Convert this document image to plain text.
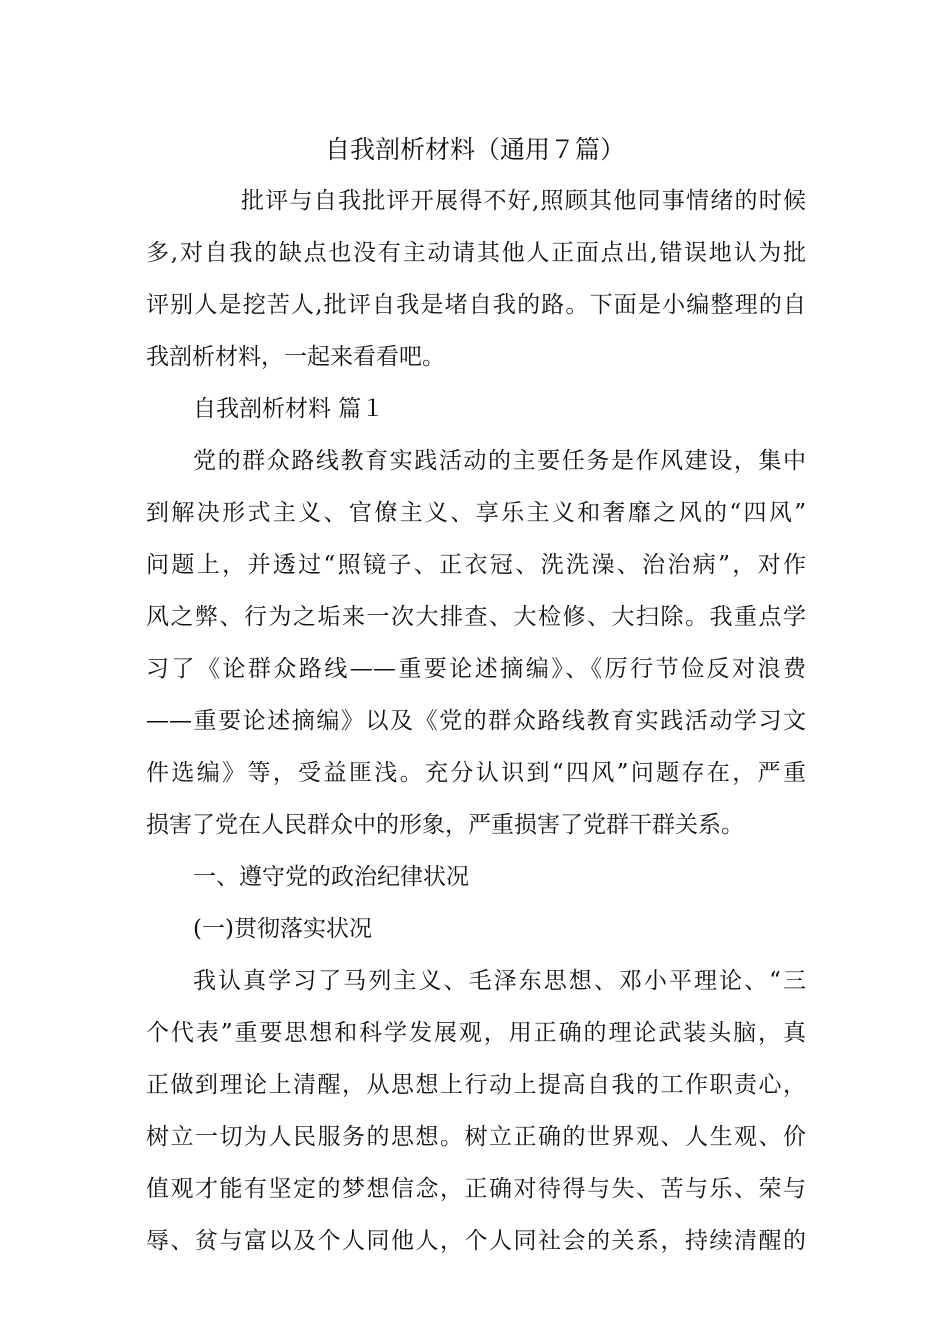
自我剖析材料（通用７篇）
批评与自我批评开展得不好,照顾其他同事情绪的时候
多,对自我的缺点也没有主动请其他人正面点出,错误地认为批
评别人是挖苦人,批评自我是堵自我的路。下面是小编整理的自
我剖析材料，一起来看看吧。
自我剖析材料 篇１
党的群众路线教育实践活动的主要任务是作风建设，集中
到解决形式主义、官僚主义、享乐主义和奢靡之风的“四风”
问题上，并透过“照镜子、正衣冠、洗洗澡、治治病”，对作
风之弊、行为之垢来一次大排查、大检修、大扫除。我重点学
习了《论群众路线——重要论述摘编》、《厉行节俭反对浪费
——重要论述摘编》以及《党的群众路线教育实践活动学习文
件选编》等，受益匪浅。充分认识到“四风”问题存在，严重
损害了党在人民群众中的形象，严重损害了党群干群关系。
一、遵守党的政治纪律状况
(一)贯彻落实状况
我认真学习了马列主义、毛泽东思想、邓小平理论、“三
个代表”重要思想和科学发展观，用正确的理论武装头脑，真
正做到理论上清醒，从思想上行动上提高自我的工作职责心，
树立一切为人民服务的思想。树立正确的世界观、人生观、价
值观才能有坚定的梦想信念，正确对待得与失、苦与乐、荣与
辱、贫与富以及个人同他人，个人同社会的关系，持续清醒的
